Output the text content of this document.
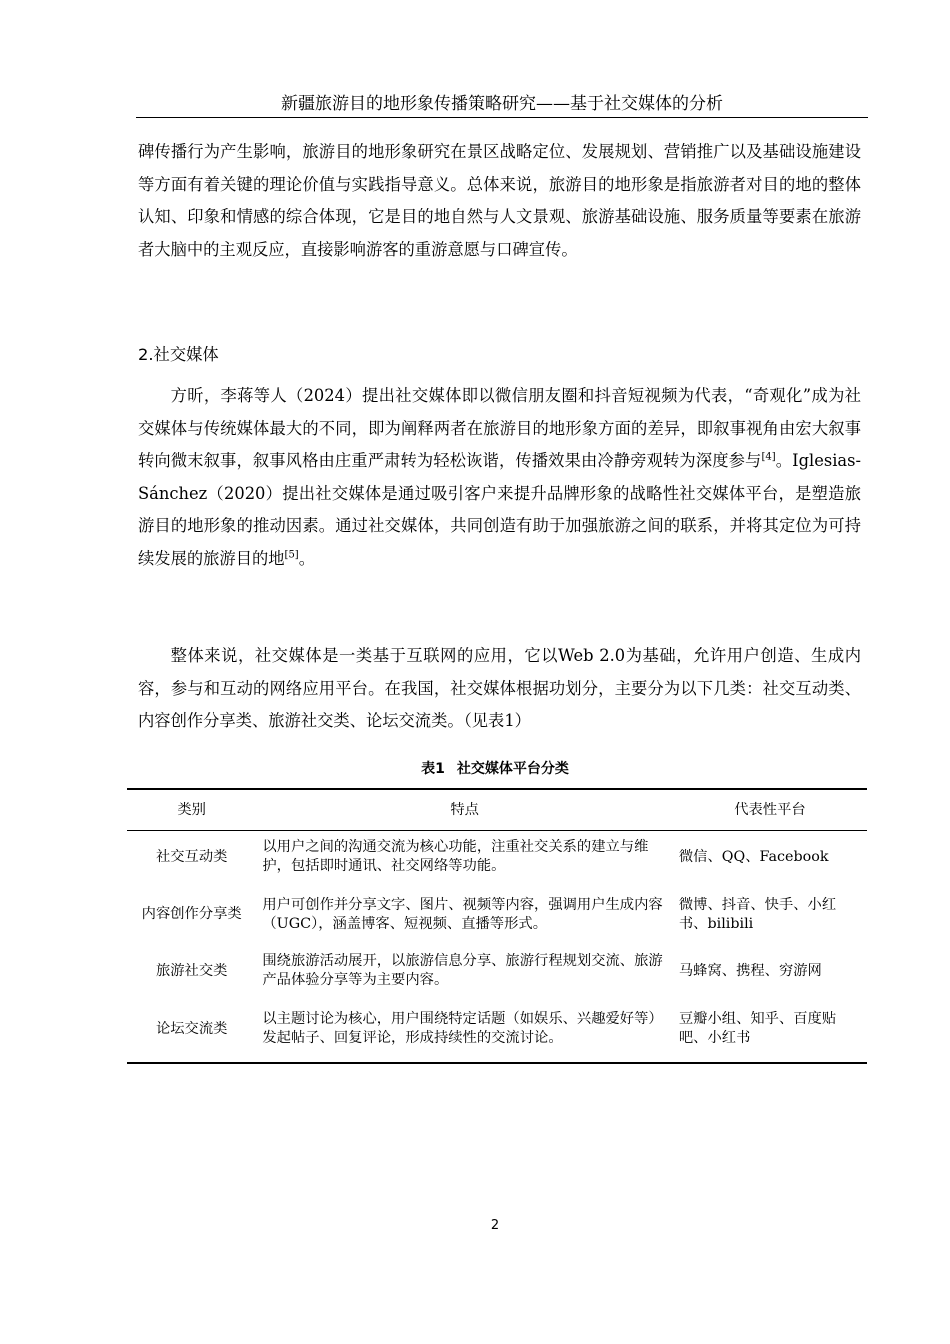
新疆旅游目的地形象传播策略研究——基于社交媒体的分析

碑传播行为产生影响，旅游目的地形象研究在景区战略定位、发展规划、营销推广以及基础设施建设等方面有着关键的理论价值与实践指导意义。总体来说，旅游目的地形象是指旅游者对目的地的整体认知、印象和情感的综合体现，它是目的地自然与人文景观、旅游基础设施、服务质量等要素在旅游者大脑中的主观反应，直接影响游客的重游意愿与口碑宣传。

2.社交媒体

方昕，李蒋等人（2024）提出社交媒体即以微信朋友圈和抖音短视频为代表，“奇观化”成为社交媒体与传统媒体最大的不同，即为阐释两者在旅游目的地形象方面的差异，即叙事视角由宏大叙事转向微末叙事，叙事风格由庄重严肃转为轻松诙谐，传播效果由冷静旁观转为深度参与[4]。Iglesias-Sánchez（2020）提出社交媒体是通过吸引客户来提升品牌形象的战略性社交媒体平台，是塑造旅游目的地形象的推动因素。通过社交媒体，共同创造有助于加强旅游之间的联系，并将其定位为可持续发展的旅游目的地[5]。

整体来说，社交媒体是一类基于互联网的应用，它以Web 2.0为基础，允许用户创造、生成内容，参与和互动的网络应用平台。在我国，社交媒体根据功划分，主要分为以下几类：社交互动类、内容创作分享类、旅游社交类、论坛交流类。（见表1）

表1 社交媒体平台分类
类别	特点	代表性平台
社交互动类	以用户之间的沟通交流为核心功能，注重社交关系的建立与维护，包括即时通讯、社交网络等功能。	微信、QQ、Facebook
内容创作分享类	用户可创作并分享文字、图片、视频等内容，强调用户生成内容（UGC），涵盖博客、短视频、直播等形式。	微博、抖音、快手、小红书、bilibili
旅游社交类	围绕旅游活动展开，以旅游信息分享、旅游行程规划交流、旅游产品体验分享等为主要内容。	马蜂窝、携程、穷游网
论坛交流类	以主题讨论为核心，用户围绕特定话题（如娱乐、兴趣爱好等）发起帖子、回复评论，形成持续性的交流讨论。	豆瓣小组、知乎、百度贴吧、小红书
2
